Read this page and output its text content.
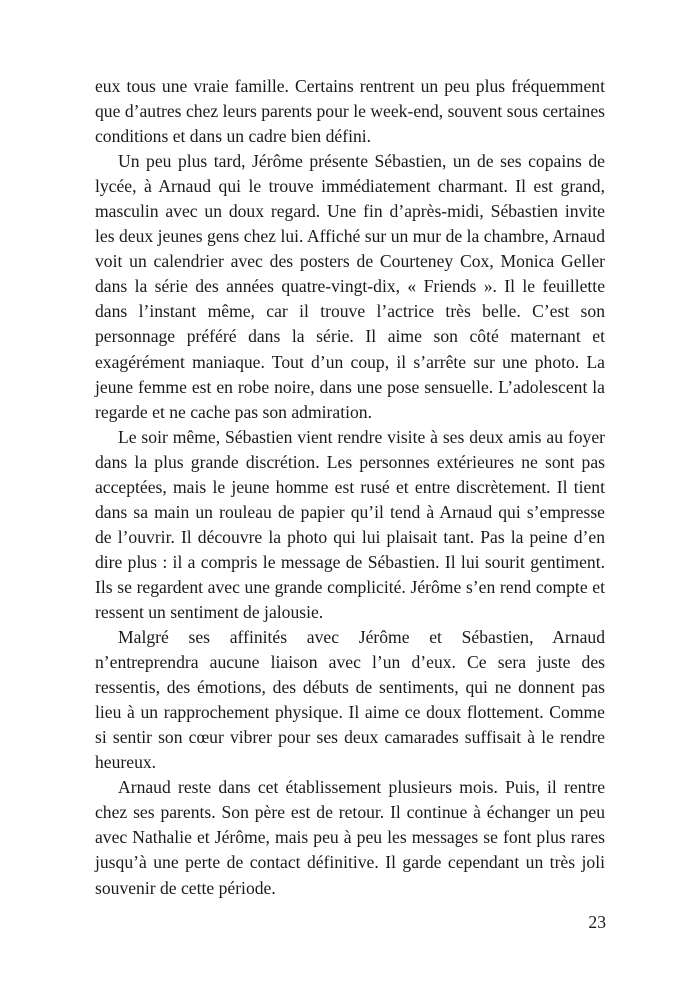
eux tous une vraie famille. Certains rentrent un peu plus fréquemment que d’autres chez leurs parents pour le week-end, souvent sous certaines conditions et dans un cadre bien défini.

Un peu plus tard, Jérôme présente Sébastien, un de ses copains de lycée, à Arnaud qui le trouve immédiatement charmant. Il est grand, masculin avec un doux regard. Une fin d’après-midi, Sébastien invite les deux jeunes gens chez lui. Affiché sur un mur de la chambre, Arnaud voit un calendrier avec des posters de Courteney Cox, Monica Geller dans la série des années quatre-vingt-dix, « Friends ». Il le feuillette dans l’instant même, car il trouve l’actrice très belle. C’est son personnage préféré dans la série. Il aime son côté maternant et exagérément maniaque. Tout d’un coup, il s’arrête sur une photo. La jeune femme est en robe noire, dans une pose sensuelle. L’adolescent la regarde et ne cache pas son admiration.

Le soir même, Sébastien vient rendre visite à ses deux amis au foyer dans la plus grande discrétion. Les personnes extérieures ne sont pas acceptées, mais le jeune homme est rusé et entre discrètement. Il tient dans sa main un rouleau de papier qu’il tend à Arnaud qui s’empresse de l’ouvrir. Il découvre la photo qui lui plaisait tant. Pas la peine d’en dire plus : il a compris le message de Sébastien. Il lui sourit gentiment. Ils se regardent avec une grande complicité. Jérôme s’en rend compte et ressent un sentiment de jalousie.

Malgré ses affinités avec Jérôme et Sébastien, Arnaud n’entreprendra aucune liaison avec l’un d’eux. Ce sera juste des ressentis, des émotions, des débuts de sentiments, qui ne donnent pas lieu à un rapprochement physique. Il aime ce doux flottement. Comme si sentir son cœur vibrer pour ses deux camarades suffisait à le rendre heureux.

Arnaud reste dans cet établissement plusieurs mois. Puis, il rentre chez ses parents. Son père est de retour. Il continue à échanger un peu avec Nathalie et Jérôme, mais peu à peu les messages se font plus rares jusqu’à une perte de contact définitive. Il garde cependant un très joli souvenir de cette période.

23
